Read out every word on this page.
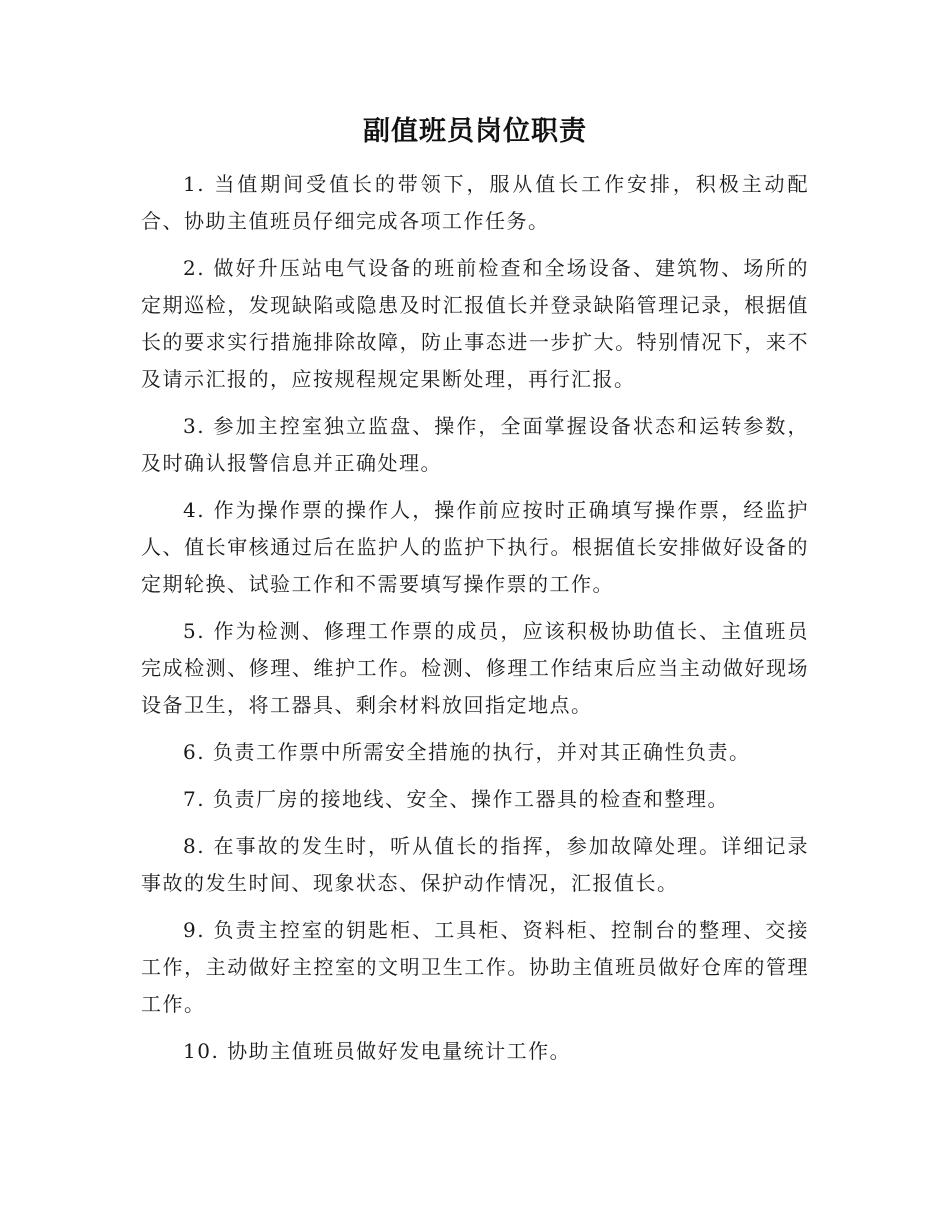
副值班员岗位职责

1. 当值期间受值长的带领下，服从值长工作安排，积极主动配合、协助主值班员仔细完成各项工作任务。

2. 做好升压站电气设备的班前检查和全场设备、建筑物、场所的定期巡检，发现缺陷或隐患及时汇报值长并登录缺陷管理记录，根据值长的要求实行措施排除故障，防止事态进一步扩大。特别情况下，来不及请示汇报的，应按规程规定果断处理，再行汇报。

3. 参加主控室独立监盘、操作，全面掌握设备状态和运转参数，及时确认报警信息并正确处理。

4. 作为操作票的操作人，操作前应按时正确填写操作票，经监护人、值长审核通过后在监护人的监护下执行。根据值长安排做好设备的定期轮换、试验工作和不需要填写操作票的工作。

5. 作为检测、修理工作票的成员，应该积极协助值长、主值班员完成检测、修理、维护工作。检测、修理工作结束后应当主动做好现场设备卫生，将工器具、剩余材料放回指定地点。

6. 负责工作票中所需安全措施的执行，并对其正确性负责。

7. 负责厂房的接地线、安全、操作工器具的检查和整理。

8. 在事故的发生时，听从值长的指挥，参加故障处理。详细记录事故的发生时间、现象状态、保护动作情况，汇报值长。

9. 负责主控室的钥匙柜、工具柜、资料柜、控制台的整理、交接工作，主动做好主控室的文明卫生工作。协助主值班员做好仓库的管理工作。

10. 协助主值班员做好发电量统计工作。
